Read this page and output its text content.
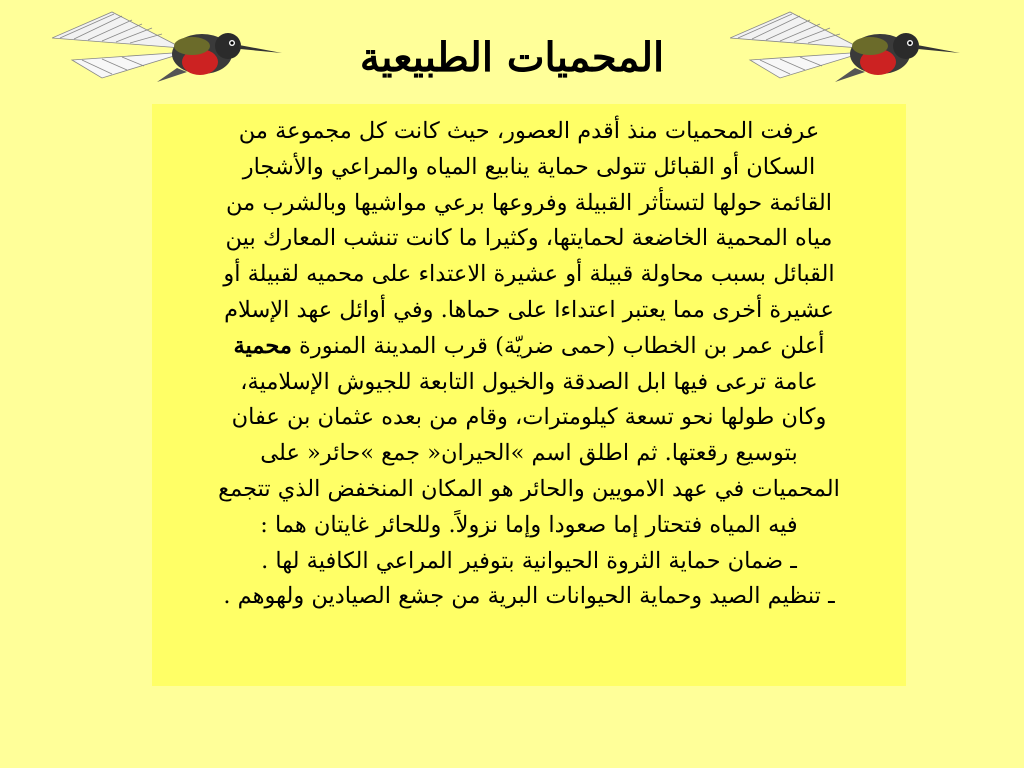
المحميات الطبيعية
عرفت المحميات منذ أقدم العصور، حيث كانت كل مجموعة من
السكان أو القبائل تتولى حماية ينابيع المياه والمراعي والأشجار
القائمة حولها لتستأثر القبيلة وفروعها برعي مواشيها وبالشرب من
مياه المحمية الخاضعة لحمايتها، وكثيرا ما كانت تنشب المعارك بين
القبائل بسبب محاولة قبيلة أو عشيرة الاعتداء على محميه لقبيلة أو
عشيرة أخرى مما يعتبر اعتداءا على حماها. وفي أوائل عهد الإسلام
أعلن عمر بن الخطاب (حمى ضريّة) قرب المدينة المنورة محمية
عامة ترعى فيها ابل الصدقة والخيول التابعة للجيوش الإسلامية،
وكان طولها نحو تسعة كيلومترات، وقام من بعده عثمان بن عفان
بتوسيع رقعتها. ثم اطلق اسم »الحيران« جمع »حائر« على
المحميات في عهد الامويين والحائر هو المكان المنخفض الذي تتجمع
فيه المياه فتحتار إما صعودا وإما نزولاً. وللحائر غايتان هما :
ـ ضمان حماية الثروة الحيوانية بتوفير المراعي الكافية لها .
ـ تنظيم الصيد وحماية الحيوانات البرية من جشع الصيادين ولهوهم .
